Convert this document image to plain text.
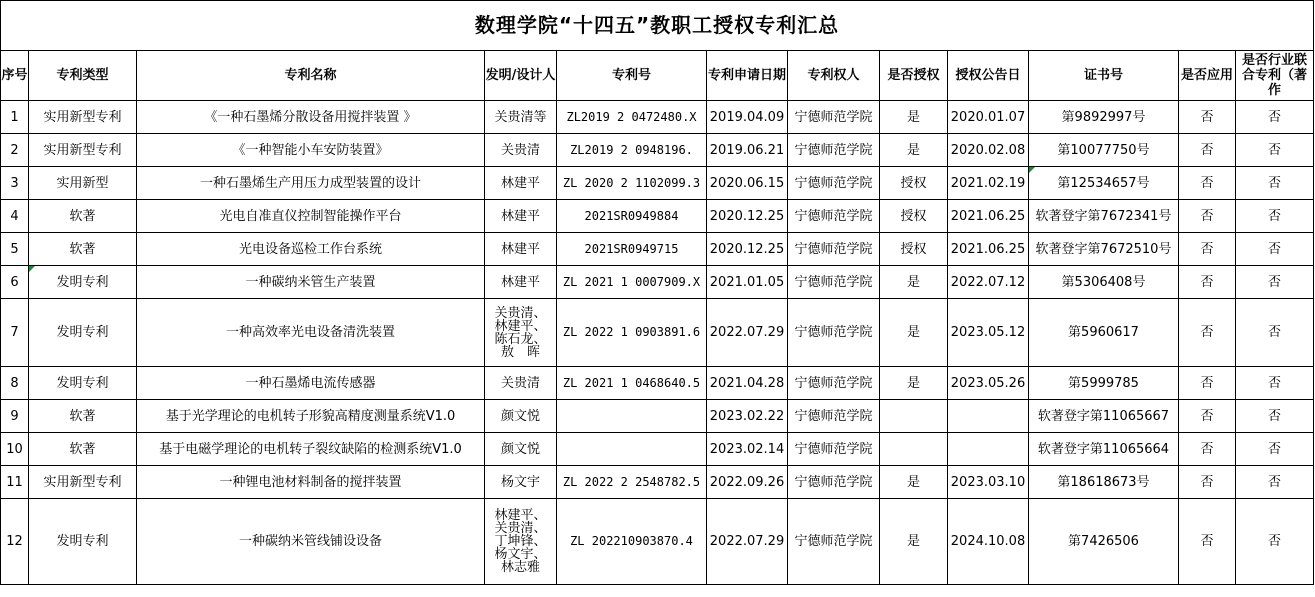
数理学院“十四五”教职工授权专利汇总											
序号	专利类型	专利名称	发明/设计人	专利号	专利申请日期	专利权人	是否授权	授权公告日	证书号	是否应用	是否行业联合专利（著作
1	实用新型专利	《一种石墨烯分散设备用搅拌装置 》	关贵清等	ZL2019 2 0472480.X	2019.04.09	宁德师范学院	是	2020.01.07	第9892997号	否	否
2	实用新型专利	《一种智能小车安防装置》	关贵清	ZL2019 2 0948196.	2019.06.21	宁德师范学院	是	2020.02.08	第10077750号	否	否
3	实用新型	一种石墨烯生产用压力成型装置的设计	林建平	ZL 2020 2 1102099.3	2020.06.15	宁德师范学院	授权	2021.02.19	第12534657号	否	否
4	软著	光电自准直仪控制智能操作平台	林建平	2021SR0949884	2020.12.25	宁德师范学院	授权	2021.06.25	软著登字第7672341号	否	否
5	软著	光电设备巡检工作台系统	林建平	2021SR0949715	2020.12.25	宁德师范学院	授权	2021.06.25	软著登字第7672510号	否	否
6	发明专利	一种碳纳米管生产装置	林建平	ZL 2021 1 0007909.X	2021.01.05	宁德师范学院	是	2022.07.12	第5306408号	否	否
7	发明专利	一种高效率光电设备清洗装置	关贵清、
林建平、
陈石龙、
敖　晖	ZL 2022 1 0903891.6	2022.07.29	宁德师范学院	是	2023.05.12	第5960617	否	否
8	发明专利	一种石墨烯电流传感器	关贵清	ZL 2021 1 0468640.5	2021.04.28	宁德师范学院	是	2023.05.26	第5999785	否	否
9	软著	基于光学理论的电机转子形貌高精度测量系统V1.0	颜文悦		2023.02.22	宁德师范学院			软著登字第11065667	否	否
10	软著	基于电磁学理论的电机转子裂纹缺陷的检测系统V1.0	颜文悦		2023.02.14	宁德师范学院			软著登字第11065664	否	否
11	实用新型专利	一种锂电池材料制备的搅拌装置	杨文宇	ZL 2022 2 2548782.5	2022.09.26	宁德师范学院	是	2023.03.10	第18618673号	否	否
12	发明专利	一种碳纳米管线铺设设备	林建平、
关贵清、
丁坤锋、
杨文宇、
林志雅	ZL 202210903870.4	2022.07.29	宁德师范学院	是	2024.10.08	第7426506	否	否
